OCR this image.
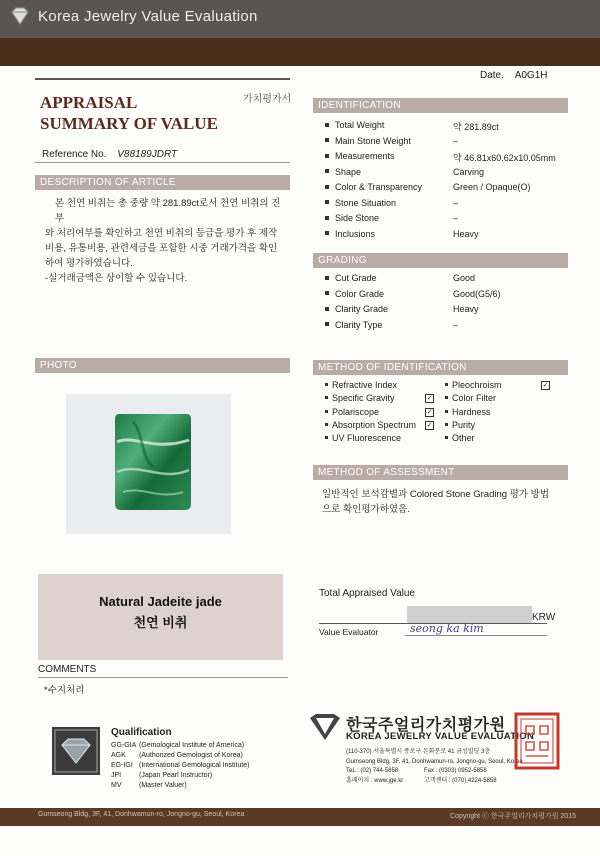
Korea Jewelry Value Evaluation
Date. A0G1H
가치평가서
APPRAISAL
SUMMARY OF VALUE
Reference No. V88189JDRT
DESCRIPTION OF ARTICLE
본 천연 비취는 총 중량 약 281.89ct로서 천연 비취의 진부
와 처리여부를 확인하고 천연 비취의 등급을 평가 후 제작
비용, 유통비용, 관련세금을 포함한 시중 거래가격을 확인
하여 평가하였습니다.
-실거래금액은 상이할 수 있습니다.
IDENTIFICATION
Total Weight	약 281.89ct
Main Stone Weight	–
Measurements	약 46.81x60.62x10.05mm
Shape	Carving
Color & Transparency	Green / Opaque(O)
Stone Situation	–
Side Stone	–
Inclusions	Heavy
GRADING
Cut Grade	Good
Color Grade	Good(G5/6)
Clarity Grade	Heavy
Clarity Type	–
PHOTO	METHOD OF IDENTIFICATION
Refractive Index
Specific Gravity	✓
Polariscope	✓
Absorption Spectrum ✓
UV Fluorescence
Pleochroism	✓
Color Filter
Hardness
Purity
Other
METHOD OF ASSESSMENT
일반적인 보석감별과 Colored Stone Grading 평가 방법
으로 확인평가하였음.
Natural Jadeite jade
천연 비취
Total Appraised Value
KRW
Value Evaluator	seong ka kim
COMMENTS
*수지처리
Qualification
GG-GIA (Gemological Institute of America)
AGK (Authorized Gemologist of Korea)
EG-IGI (International Gemological Institute)
JPI	(Japan Pearl Instructor)
MV	(Master Valuer)
한국주얼리가치평가원
KOREA JEWELRY VALUE EVALUATION
(110-370) 서울특별시 종로구 돈화문로 41 금성빌딩 3층
Gumseong Bldg, 3F, 41, Donhwamun-ro, Jongno-gu, Seoul, Korea
TeL : (02) 744-5858	Fax : (0303) 0952-5858
홈페이지 : www.jge.kr	고객센터 : (070) 4224-5858
Gumseong Bldg, 3F, 41, Donhwamun-ro, Jongno-gu, Seoul, Korea	Copyright ⓒ 한국주얼리가치평가원 2015
